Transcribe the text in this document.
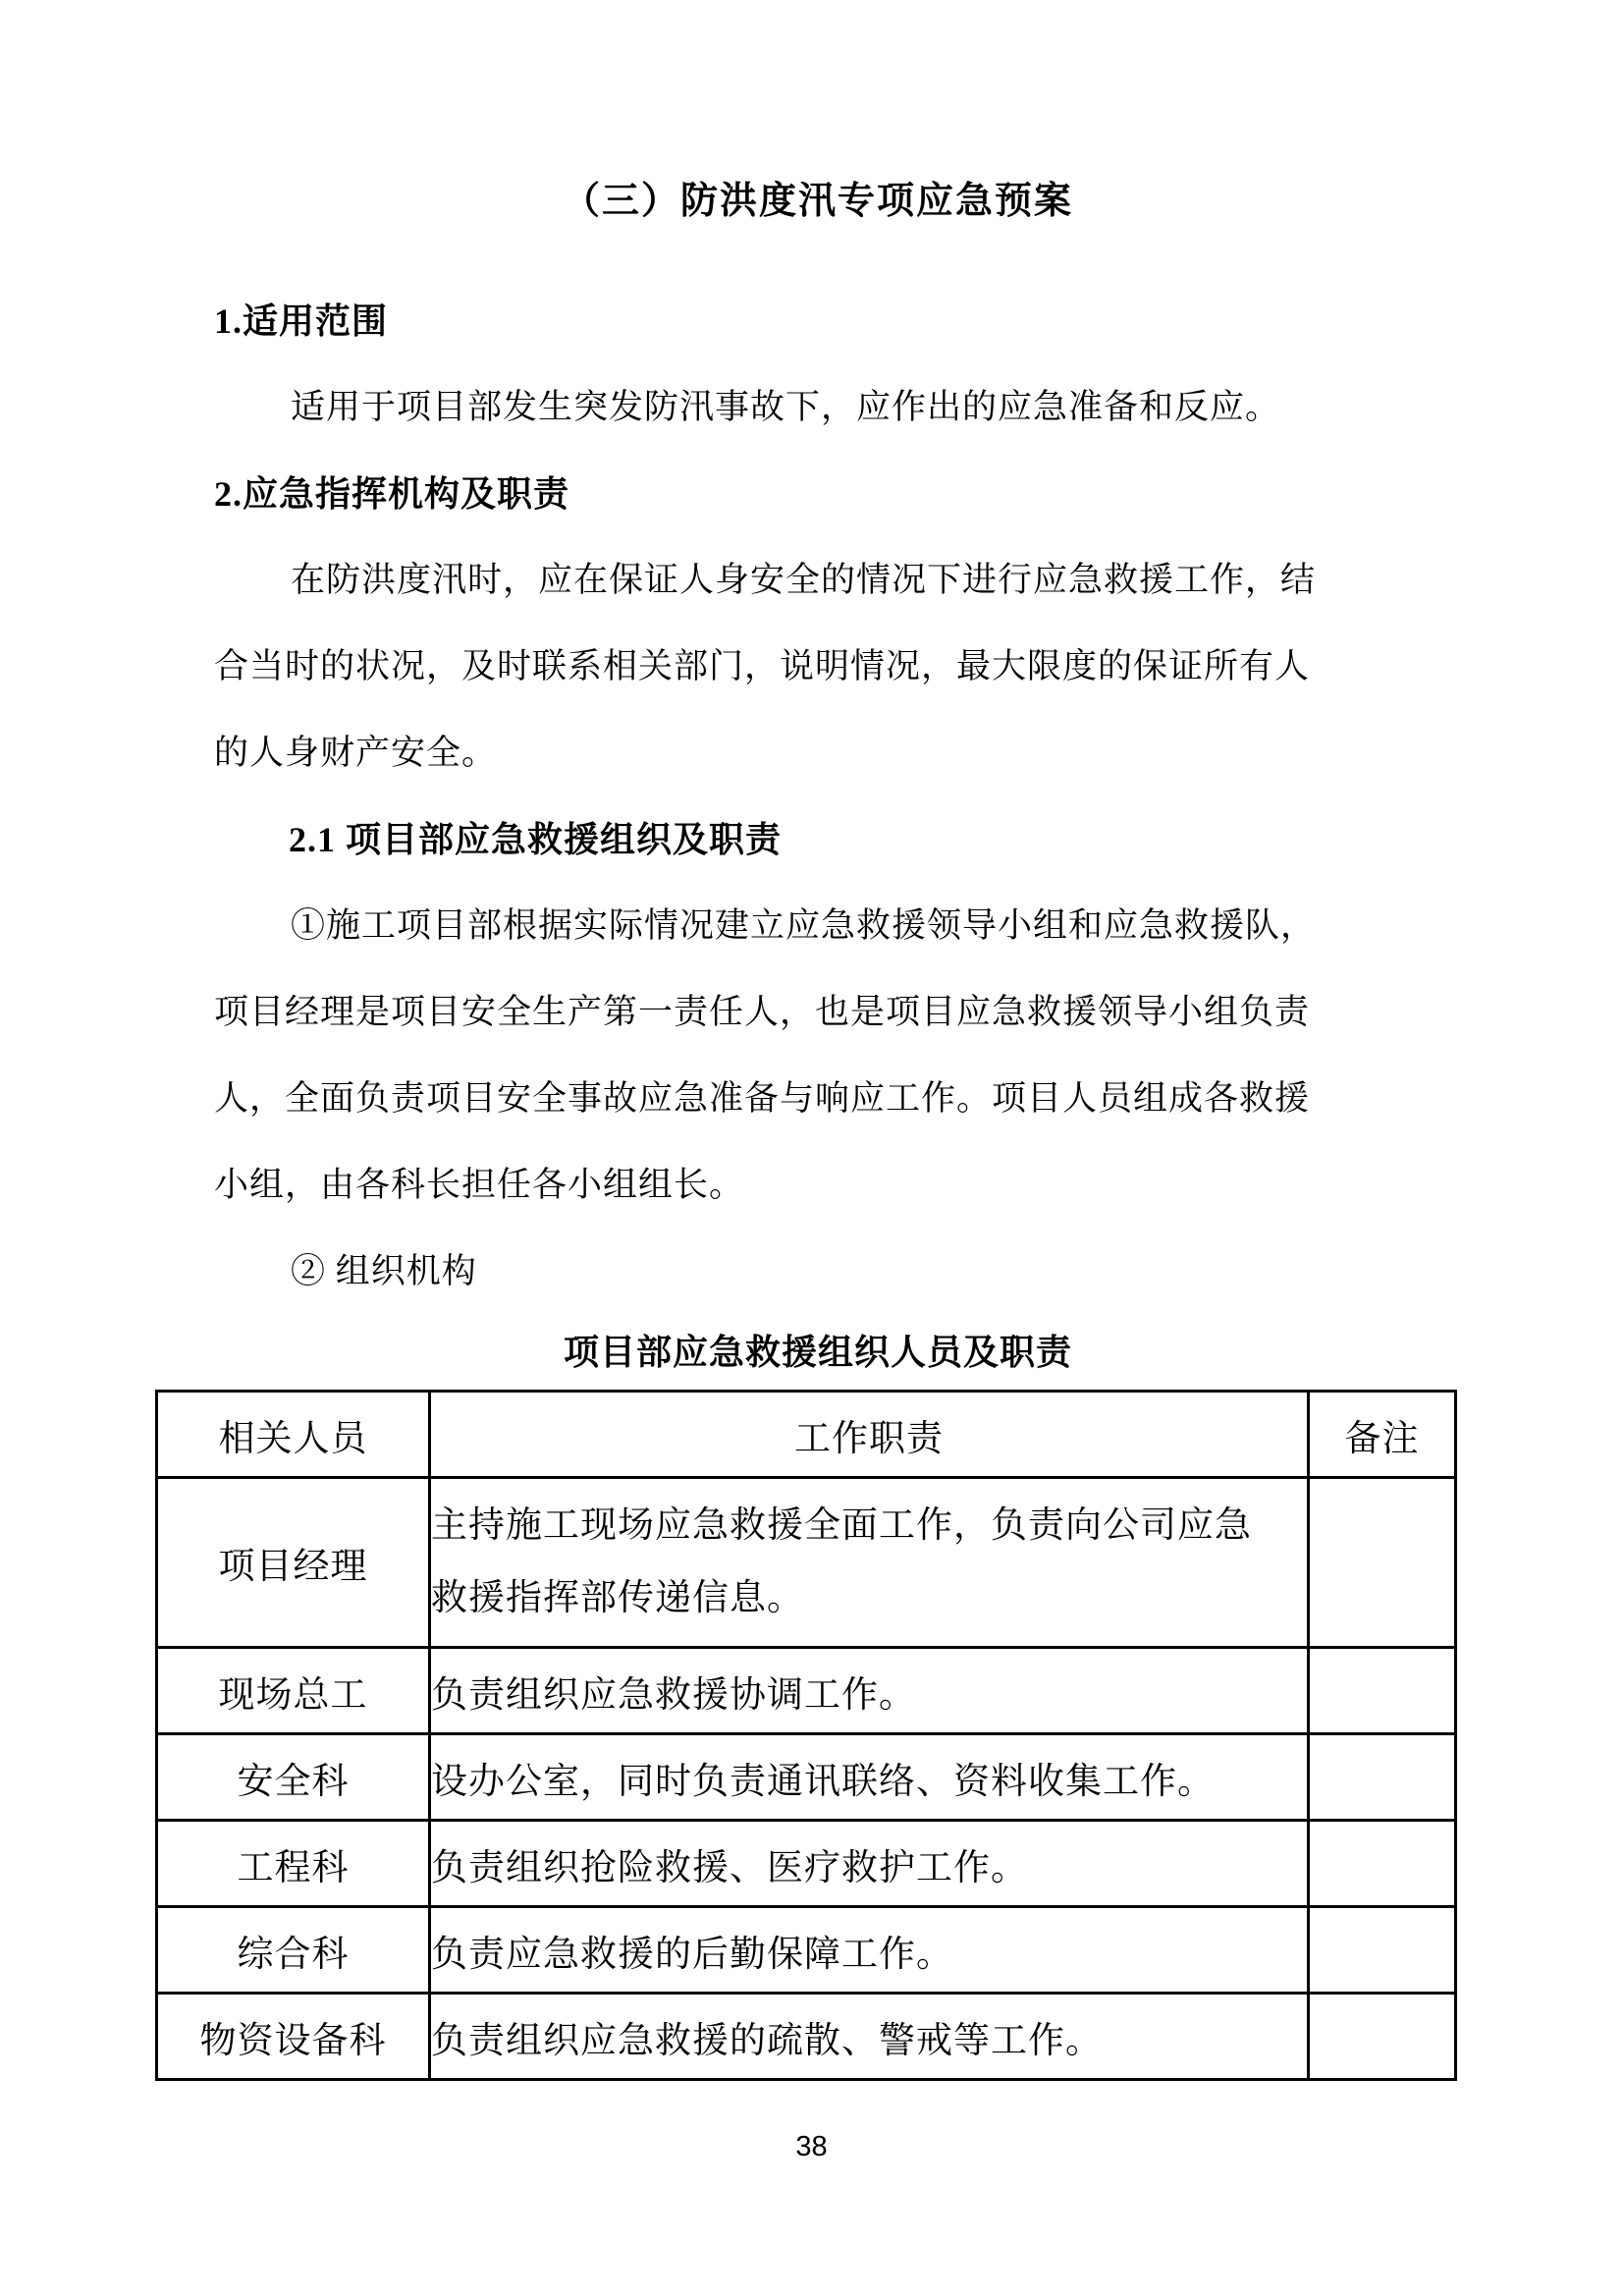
（三）防洪度汛专项应急预案
1.适用范围
适用于项目部发生突发防汛事故下，应作出的应急准备和反应。
2.应急指挥机构及职责
在防洪度汛时，应在保证人身安全的情况下进行应急救援工作，结
合当时的状况，及时联系相关部门，说明情况，最大限度的保证所有人
的人身财产安全。
2.1 项目部应急救援组织及职责
①施工项目部根据实际情况建立应急救援领导小组和应急救援队，
项目经理是项目安全生产第一责任人，也是项目应急救援领导小组负责
人，全面负责项目安全事故应急准备与响应工作。项目人员组成各救援
小组，由各科长担任各小组组长。
② 组织机构
项目部应急救援组织人员及职责
相关人员	工作职责	备注
项目经理	主持施工现场应急救援全面工作，负责向公司应急
救援指挥部传递信息。	

现场总工	负责组织应急救援协调工作。	

安全科	设办公室，同时负责通讯联络、资料收集工作。	

工程科	负责组织抢险救援、医疗救护工作。	

综合科	负责应急救援的后勤保障工作。	

物资设备科	负责组织应急救援的疏散、警戒等工作。	

38
